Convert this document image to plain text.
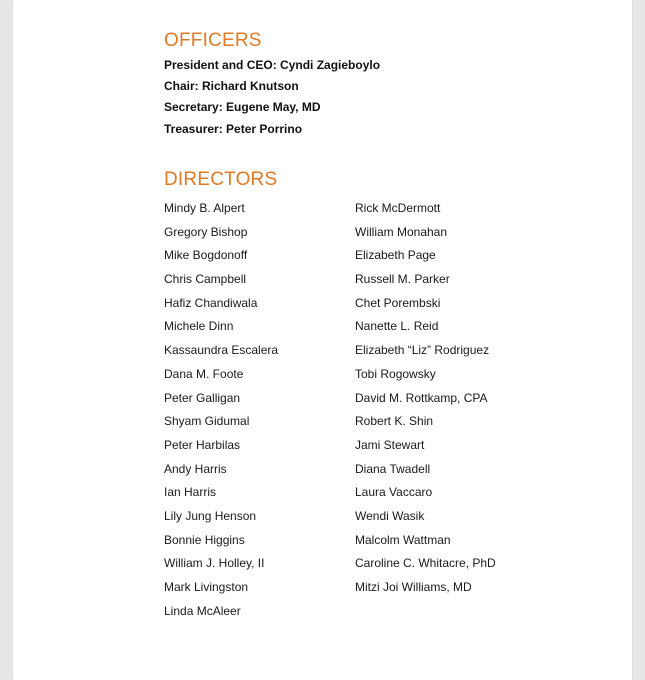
OFFICERS
President and CEO: Cyndi Zagieboylo
Chair: Richard Knutson
Secretary: Eugene May, MD
Treasurer: Peter Porrino
DIRECTORS
Mindy B. Alpert
Gregory Bishop
Mike Bogdonoff
Chris Campbell
Hafiz Chandiwala
Michele Dinn
Kassaundra Escalera
Dana M. Foote
Peter Galligan
Shyam Gidumal
Peter Harbilas
Andy Harris
Ian Harris
Lily Jung Henson
Bonnie Higgins
William J. Holley, II
Mark Livingston
Linda McAleer
Rick McDermott
William Monahan
Elizabeth Page
Russell M. Parker
Chet Porembski
Nanette L. Reid
Elizabeth “Liz” Rodriguez
Tobi Rogowsky
David M. Rottkamp, CPA
Robert K. Shin
Jami Stewart
Diana Twadell
Laura Vaccaro
Wendi Wasik
Malcolm Wattman
Caroline C. Whitacre, PhD
Mitzi Joi Williams, MD
